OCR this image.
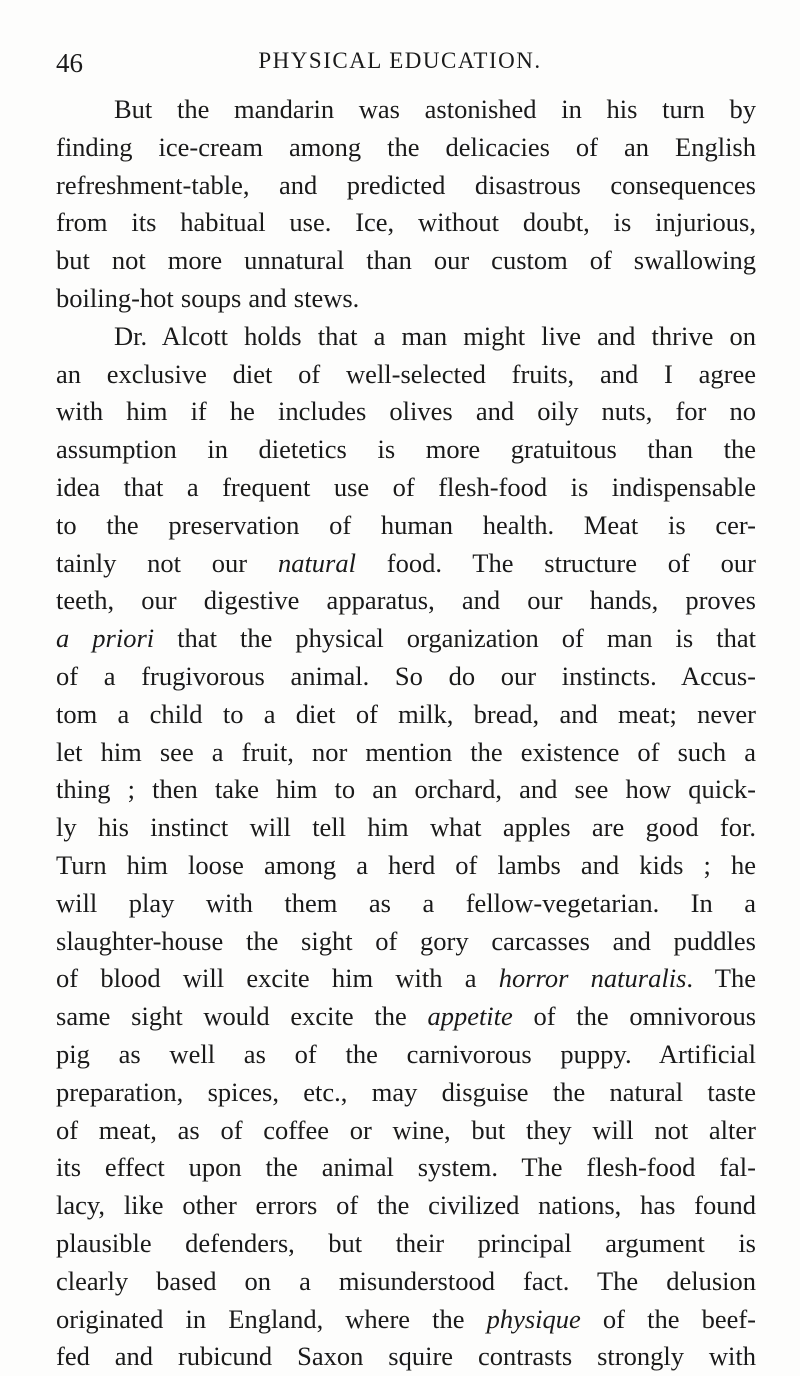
46	PHYSICAL EDUCATION.
But the mandarin was astonished in his turn by
finding ice-cream among the delicacies of an English
refreshment-table, and predicted disastrous consequences
from its habitual use. Ice, without doubt, is injurious,
but not more unnatural than our custom of swallowing
boiling-hot soups and stews.
Dr. Alcott holds that a man might live and thrive on
an exclusive diet of well-selected fruits, and I agree
with him if he includes olives and oily nuts, for no
assumption in dietetics is more gratuitous than the
idea that a frequent use of flesh-food is indispensable
to the preservation of human health. Meat is cer-
tainly not our natural food. The structure of our
teeth, our digestive apparatus, and our hands, proves
a priori that the physical organization of man is that
of a frugivorous animal. So do our instincts. Accus-
tom a child to a diet of milk, bread, and meat; never
let him see a fruit, nor mention the existence of such a
thing ; then take him to an orchard, and see how quick-
ly his instinct will tell him what apples are good for.
Turn him loose among a herd of lambs and kids ; he
will play with them as a fellow-vegetarian. In a
slaughter-house the sight of gory carcasses and puddles
of blood will excite him with a horror naturalis. The
same sight would excite the appetite of the omnivorous
pig as well as of the carnivorous puppy. Artificial
preparation, spices, etc., may disguise the natural taste
of meat, as of coffee or wine, but they will not alter
its effect upon the animal system. The flesh-food fal-
lacy, like other errors of the civilized nations, has found
plausible defenders, but their principal argument is
clearly based on a misunderstood fact. The delusion
originated in England, where the physique of the beef-
fed and rubicund Saxon squire contrasts strongly with
